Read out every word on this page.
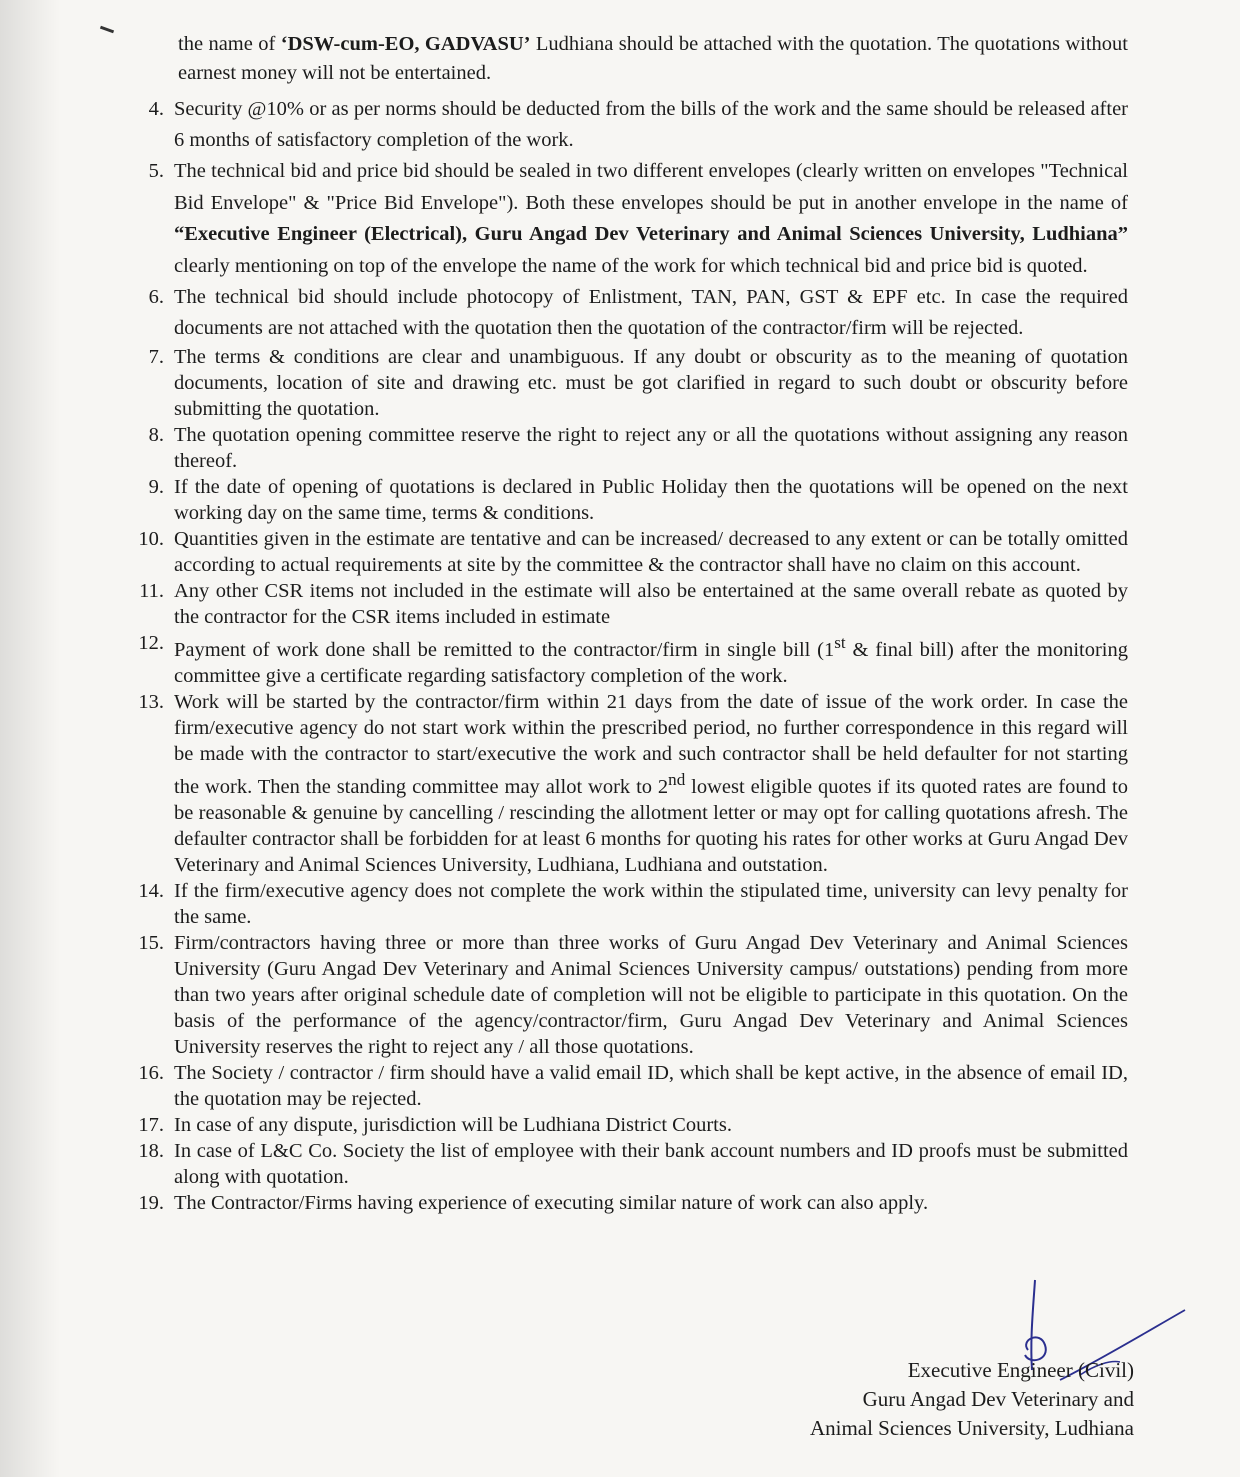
the name of ‘DSW-cum-EO, GADVASU’ Ludhiana should be attached with the quotation. The quotations without earnest money will not be entertained.

4. Security @10% or as per norms should be deducted from the bills of the work and the same should be released after 6 months of satisfactory completion of the work.
5. The technical bid and price bid should be sealed in two different envelopes (clearly written on envelopes "Technical Bid Envelope" & "Price Bid Envelope"). Both these envelopes should be put in another envelope in the name of “Executive Engineer (Electrical), Guru Angad Dev Veterinary and Animal Sciences University, Ludhiana” clearly mentioning on top of the envelope the name of the work for which technical bid and price bid is quoted.
6. The technical bid should include photocopy of Enlistment, TAN, PAN, GST & EPF etc. In case the required documents are not attached with the quotation then the quotation of the contractor/firm will be rejected.
7. The terms & conditions are clear and unambiguous. If any doubt or obscurity as to the meaning of quotation documents, location of site and drawing etc. must be got clarified in regard to such doubt or obscurity before submitting the quotation.
8. The quotation opening committee reserve the right to reject any or all the quotations without assigning any reason thereof.
9. If the date of opening of quotations is declared in Public Holiday then the quotations will be opened on the next working day on the same time, terms & conditions.
10. Quantities given in the estimate are tentative and can be increased/ decreased to any extent or can be totally omitted according to actual requirements at site by the committee & the contractor shall have no claim on this account.
11. Any other CSR items not included in the estimate will also be entertained at the same overall rebate as quoted by the contractor for the CSR items included in estimate
12. Payment of work done shall be remitted to the contractor/firm in single bill (1st & final bill) after the monitoring committee give a certificate regarding satisfactory completion of the work.
13. Work will be started by the contractor/firm within 21 days from the date of issue of the work order. In case the firm/executive agency do not start work within the prescribed period, no further correspondence in this regard will be made with the contractor to start/executive the work and such contractor shall be held defaulter for not starting the work. Then the standing committee may allot work to 2nd lowest eligible quotes if its quoted rates are found to be reasonable & genuine by cancelling / rescinding the allotment letter or may opt for calling quotations afresh. The defaulter contractor shall be forbidden for at least 6 months for quoting his rates for other works at Guru Angad Dev Veterinary and Animal Sciences University, Ludhiana, Ludhiana and outstation.
14. If the firm/executive agency does not complete the work within the stipulated time, university can levy penalty for the same.
15. Firm/contractors having three or more than three works of Guru Angad Dev Veterinary and Animal Sciences University (Guru Angad Dev Veterinary and Animal Sciences University campus/ outstations) pending from more than two years after original schedule date of completion will not be eligible to participate in this quotation. On the basis of the performance of the agency/contractor/firm, Guru Angad Dev Veterinary and Animal Sciences University reserves the right to reject any / all those quotations.
16. The Society / contractor / firm should have a valid email ID, which shall be kept active, in the absence of email ID, the quotation may be rejected.
17. In case of any dispute, jurisdiction will be Ludhiana District Courts.
18. In case of L&C Co. Society the list of employee with their bank account numbers and ID proofs must be submitted along with quotation.
19. The Contractor/Firms having experience of executing similar nature of work can also apply.
Executive Engineer (Civil)
Guru Angad Dev Veterinary and
Animal Sciences University, Ludhiana
